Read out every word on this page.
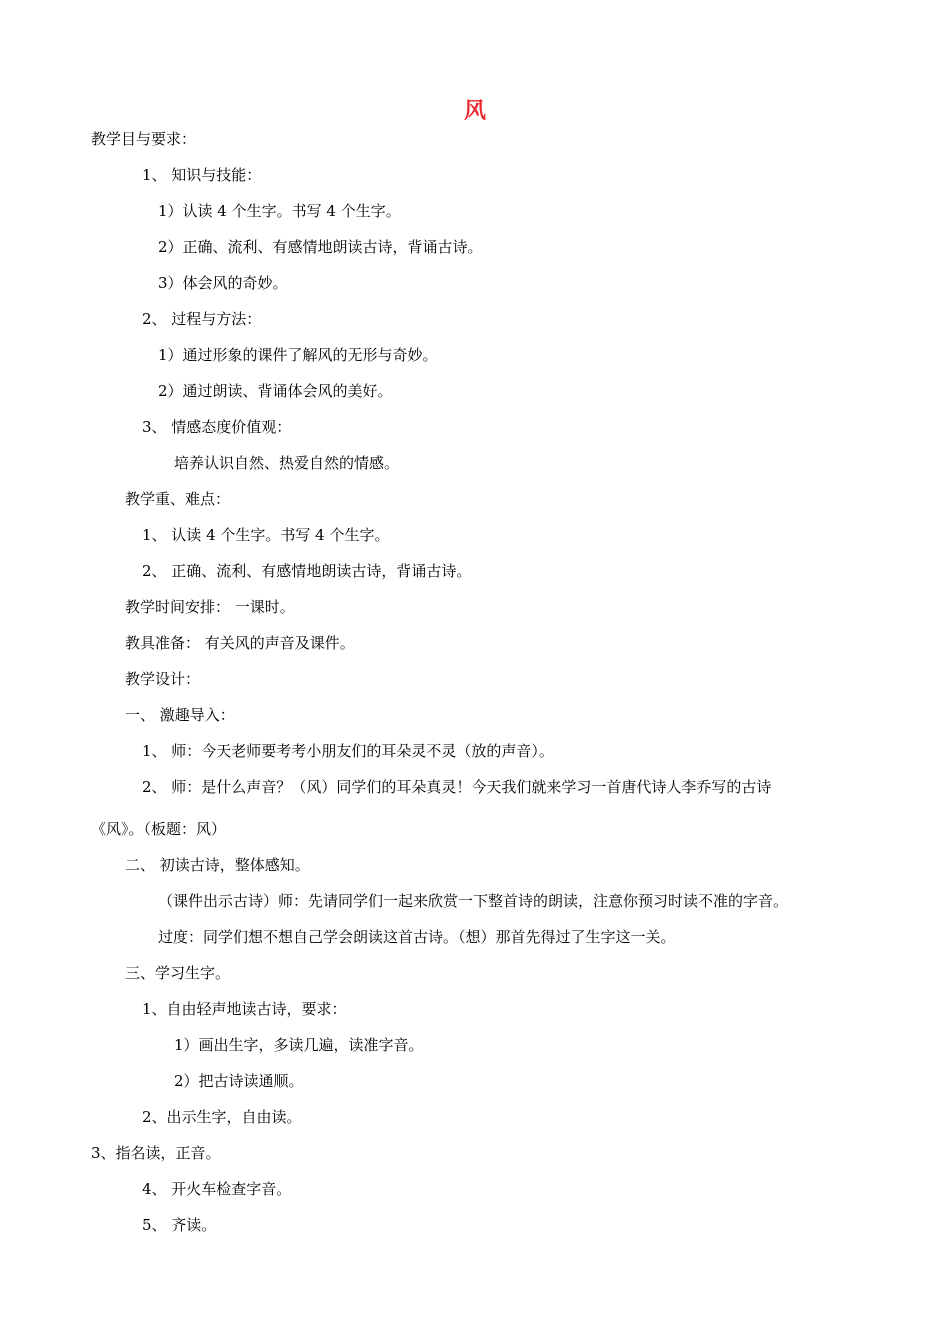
风
教学目与要求：
1、 知识与技能：
1）认读 4 个生字。书写 4 个生字。
2）正确、流利、有感情地朗读古诗，背诵古诗。
3）体会风的奇妙。
2、 过程与方法：
1）通过形象的课件了解风的无形与奇妙。
2）通过朗读、背诵体会风的美好。
3、 情感态度价值观：
培养认识自然、热爱自然的情感。
教学重、难点：
1、 认读 4 个生字。书写 4 个生字。
2、 正确、流利、有感情地朗读古诗，背诵古诗。
教学时间安排： 一课时。
教具准备： 有关风的声音及课件。
教学设计：
一、 激趣导入：
1、 师：今天老师要考考小朋友们的耳朵灵不灵（放的声音）。
2、 师：是什么声音？（风）同学们的耳朵真灵！今天我们就来学习一首唐代诗人李乔写的古诗
《风》。（板题：风）
二、 初读古诗，整体感知。
（课件出示古诗）师：先请同学们一起来欣赏一下整首诗的朗读，注意你预习时读不准的字音。
过度：同学们想不想自己学会朗读这首古诗。（想）那首先得过了生字这一关。
三、学习生字。
1、自由轻声地读古诗，要求：
1）画出生字，多读几遍，读准字音。
2）把古诗读通顺。
2、出示生字，自由读。
3、指名读，正音。
4、 开火车检查字音。
5、 齐读。
